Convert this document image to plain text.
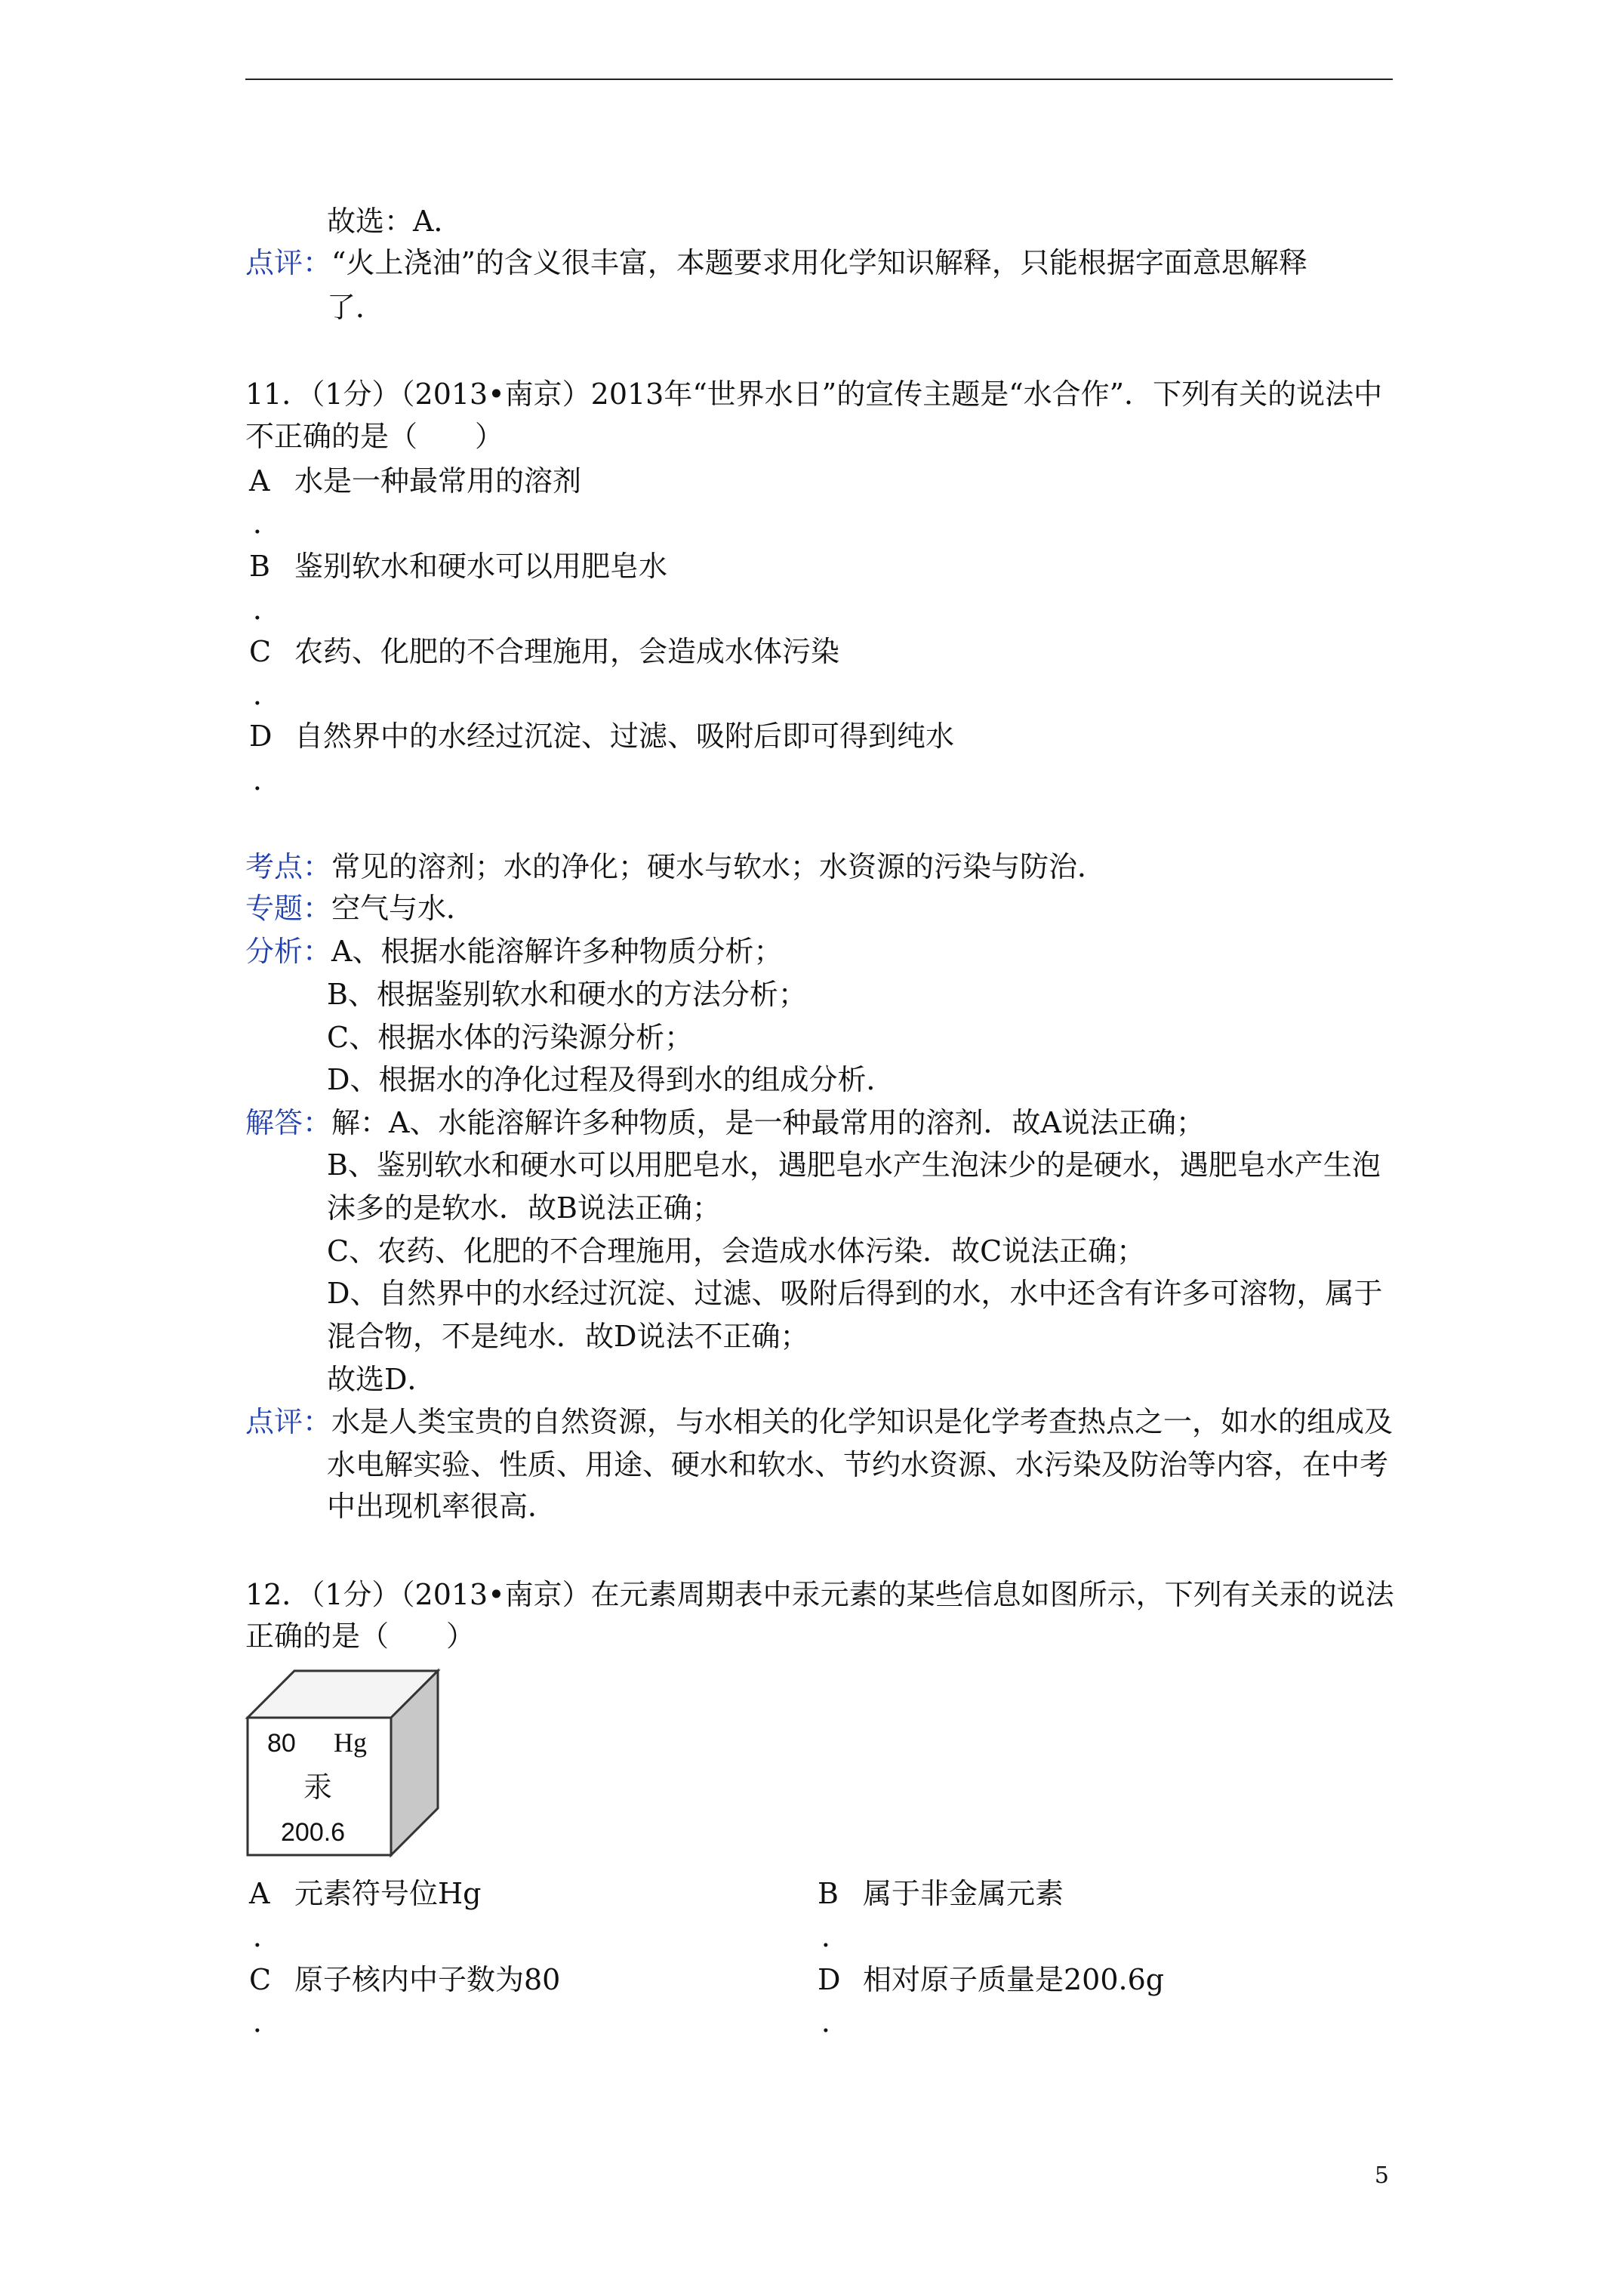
故选：A．
点评：“火上浇油”的含义很丰富，本题要求用化学知识解释，只能根据字面意思解释
了．
11．（1分）（2013•南京）2013年“世界水日”的宣传主题是“水合作”．下列有关的说法中
不正确的是（　　）
A 水是一种最常用的溶剂
．
B 鉴别软水和硬水可以用肥皂水
．
C 农药、化肥的不合理施用，会造成水体污染
．
D 自然界中的水经过沉淀、过滤、吸附后即可得到纯水
．
考点：常见的溶剂；水的净化；硬水与软水；水资源的污染与防治．
专题：空气与水．
分析：A、根据水能溶解许多种物质分析；
B、根据鉴别软水和硬水的方法分析；
C、根据水体的污染源分析；
D、根据水的净化过程及得到水的组成分析．
解答：解：A、水能溶解许多种物质，是一种最常用的溶剂．故A说法正确；
B、鉴别软水和硬水可以用肥皂水，遇肥皂水产生泡沫少的是硬水，遇肥皂水产生泡
沫多的是软水．故B说法正确；
C、农药、化肥的不合理施用，会造成水体污染．故C说法正确；
D、自然界中的水经过沉淀、过滤、吸附后得到的水，水中还含有许多可溶物，属于
混合物，不是纯水．故D说法不正确；
故选D．
点评：水是人类宝贵的自然资源，与水相关的化学知识是化学考查热点之一，如水的组成及
水电解实验、性质、用途、硬水和软水、节约水资源、水污染及防治等内容，在中考
中出现机率很高．
12．（1分）（2013•南京）在元素周期表中汞元素的某些信息如图所示，下列有关汞的说法
正确的是（　　）
80 Hg
汞
200.6
A 元素符号位Hg
．
B 属于非金属元素
．
C 原子核内中子数为80
．
D 相对原子质量是200.6g
．
5
